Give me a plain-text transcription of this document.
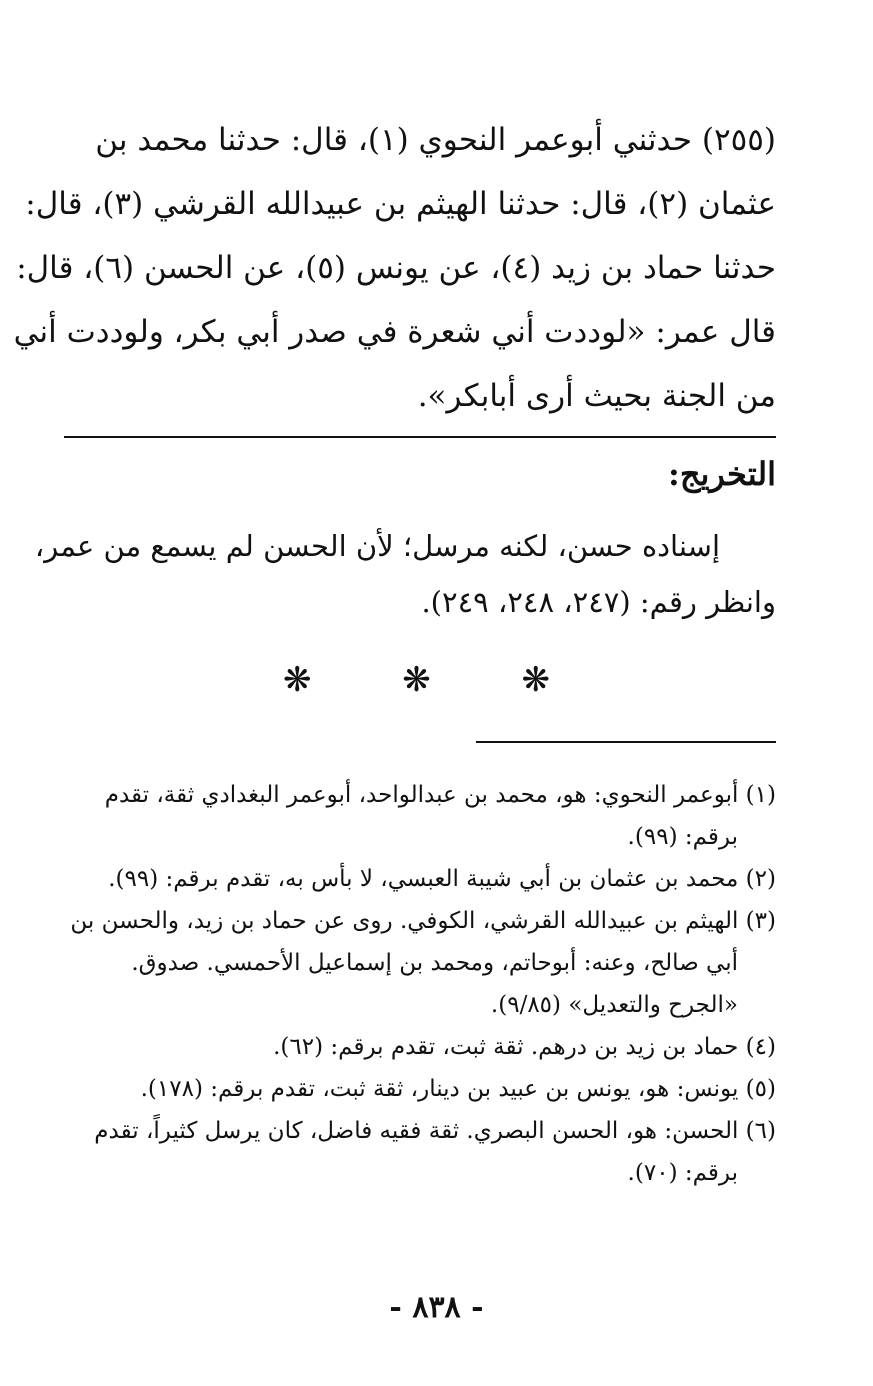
(٢٥٥) حدثني أبوعمر النحوي (١)، قال: حدثنا محمد بن
عثمان (٢)، قال: حدثنا الهيثم بن عبيدالله القرشي (٣)، قال:
حدثنا حماد بن زيد (٤)، عن يونس (٥)، عن الحسن (٦)، قال:
قال عمر: «لوددت أني شعرة في صدر أبي بكر، ولوددت أني
من الجنة بحيث أرى أبابكر».
التخريج:
إسناده حسن، لكنه مرسل؛ لأن الحسن لم يسمع من عمر،
وانظر رقم: (٢٤٧، ٢٤٨، ٢٤٩).
❋ ❋ ❋
(١) أبوعمر النحوي: هو، محمد بن عبدالواحد، أبوعمر البغدادي ثقة، تقدم
برقم: (٩٩).
(٢) محمد بن عثمان بن أبي شيبة العبسي، لا بأس به، تقدم برقم: (٩٩).
(٣) الهيثم بن عبيدالله القرشي، الكوفي. روى عن حماد بن زيد، والحسن بن
أبي صالح، وعنه: أبوحاتم، ومحمد بن إسماعيل الأحمسي. صدوق.
«الجرح والتعديل» (٩/٨٥).
(٤) حماد بن زيد بن درهم. ثقة ثبت، تقدم برقم: (٦٢).
(٥) يونس: هو، يونس بن عبيد بن دينار، ثقة ثبت، تقدم برقم: (١٧٨).
(٦) الحسن: هو، الحسن البصري. ثقة فقيه فاضل، كان يرسل كثيراً، تقدم
برقم: (٧٠).
- ٨٣٨ -
